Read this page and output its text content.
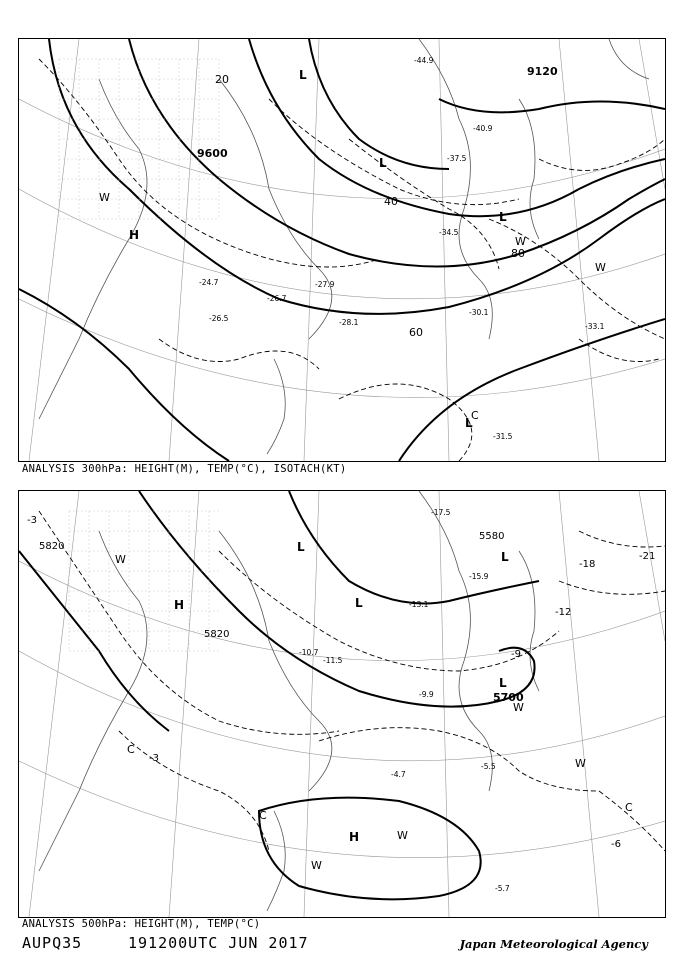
9600
9120
20
40
60
80
-24.7
-26.5
-26.7
-27.9
-28.1
-30.1
-31.5
-33.1
-34.5
-37.5
-40.9
-44.9
H
L
L
L
L
C
W
W
W
ANALYSIS 300hPa: HEIGHT(M), TEMP(°C), ISOTACH(KT)
5820
5820
5580
5700
-3
-3
-6
-9
-12
-18
-21
-4.7
-5.5
-5.7
-9.9
-10.7
-11.5
-13.1
-15.9
-17.5
H
H
L
L
L
L
C
C
C
W
W
W
W
W
ANALYSIS 500hPa: HEIGHT(M), TEMP(°C)
AUPQ35	191200UTC JUN 2017	Japan Meteorological Agency
